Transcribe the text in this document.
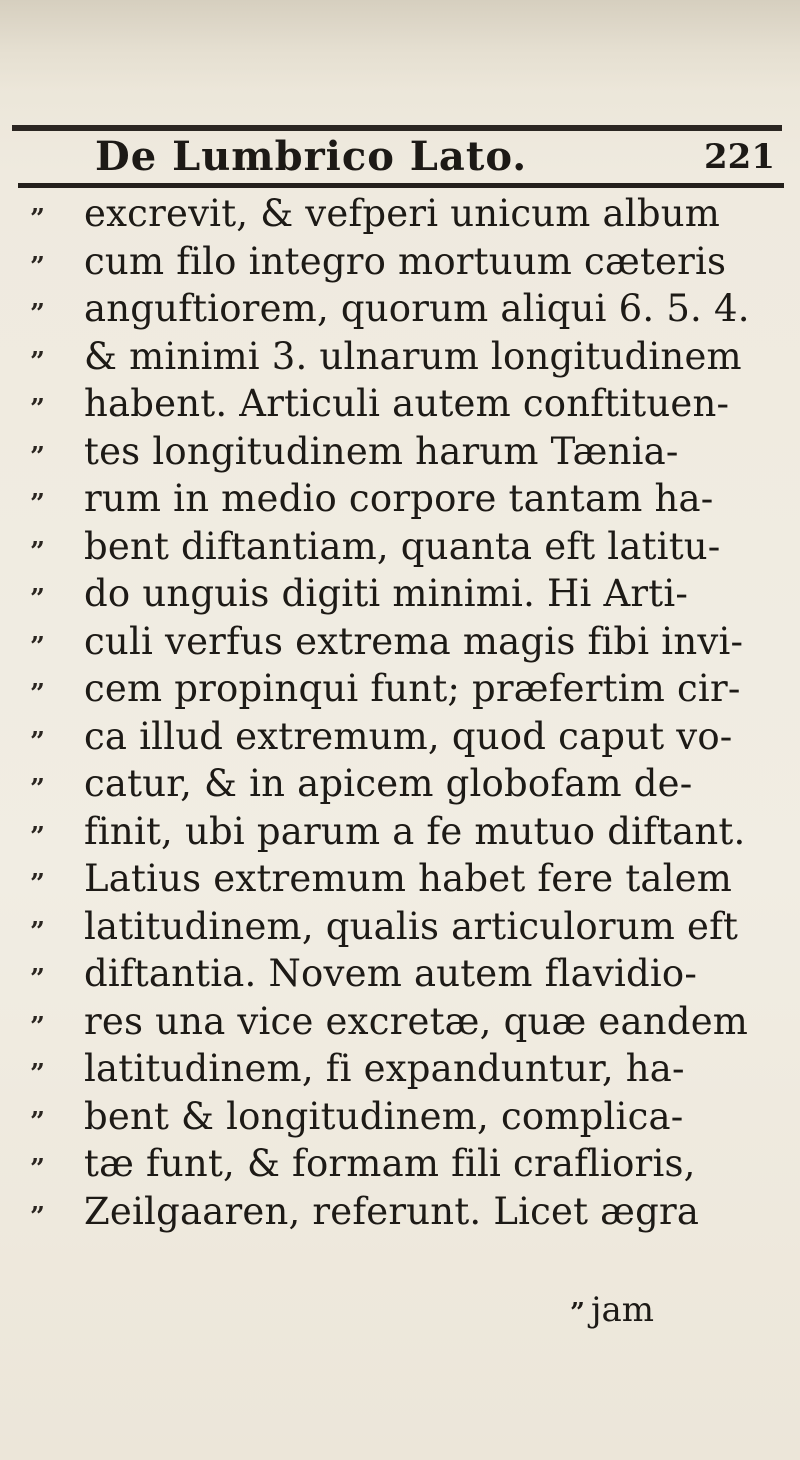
De Lumbrico Lato.	221
” excrevit, & vefperi unicum album
” cum filo integro mortuum cæteris
” anguftiorem, quorum aliqui 6. 5. 4.
” & minimi 3. ulnarum longitudinem
” habent. Articuli autem conftituen-
” tes longitudinem harum Tænia-
” rum in medio corpore tantam ha-
” bent diftantiam, quanta eft latitu-
” do unguis digiti minimi. Hi Arti-
” culi verfus extrema magis fibi invi-
” cem propinqui funt; præfertim cir-
” ca illud extremum, quod caput vo-
” catur, & in apicem globofam de-
” finit, ubi parum a fe mutuo diftant.
” Latius extremum habet fere talem
” latitudinem, qualis articulorum eft
” diftantia. Novem autem flavidio-
” res una vice excretæ, quæ eandem
” latitudinem, fi expanduntur, ha-
” bent & longitudinem, complica-
” tæ funt, & formam fili craflioris,
” Zeilgaaren, referunt. Licet ægra
” jam
